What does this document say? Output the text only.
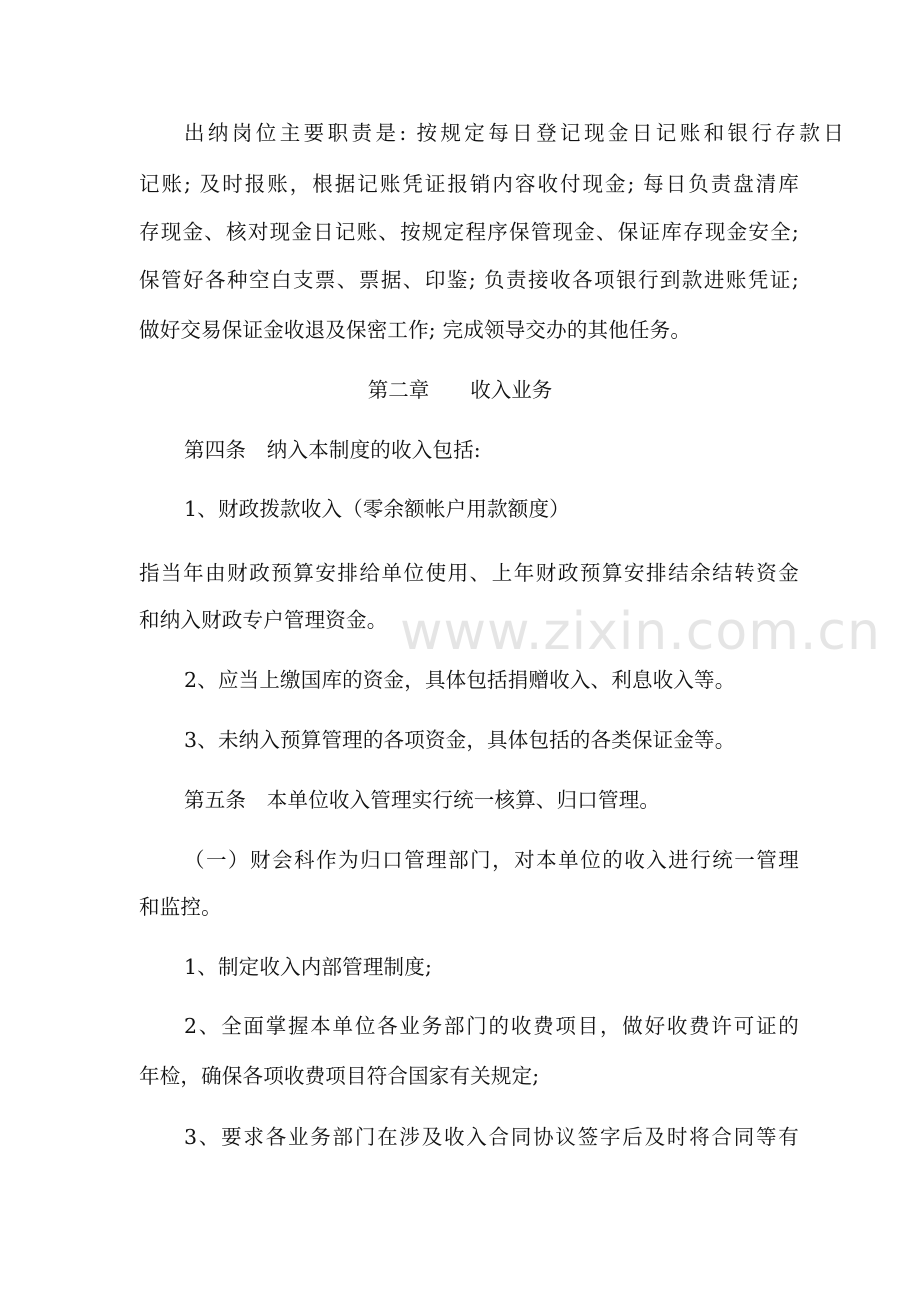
出纳岗位主要职责是: 按规定每日登记现金日记账和银行存款日
记账; 及时报账，根据记账凭证报销内容收付现金; 每日负责盘清库
存现金、核对现金日记账、按规定程序保管现金、保证库存现金安全;
保管好各种空白支票、票据、印鉴; 负责接收各项银行到款进账凭证;
做好交易保证金收退及保密工作; 完成领导交办的其他任务。
第二章　　收入业务
第四条　纳入本制度的收入包括:
1、财政拨款收入（零余额帐户用款额度）
指当年由财政预算安排给单位使用、上年财政预算安排结余结转资金
和纳入财政专户管理资金。
2、应当上缴国库的资金，具体包括捐赠收入、利息收入等。
3、未纳入预算管理的各项资金，具体包括的各类保证金等。
第五条　本单位收入管理实行统一核算、归口管理。
（一）财会科作为归口管理部门，对本单位的收入进行统一管理
和监控。
1、制定收入内部管理制度;
2、全面掌握本单位各业务部门的收费项目，做好收费许可证的
年检，确保各项收费项目符合国家有关规定;
3、要求各业务部门在涉及收入合同协议签字后及时将合同等有
www.zixin.com.cn
